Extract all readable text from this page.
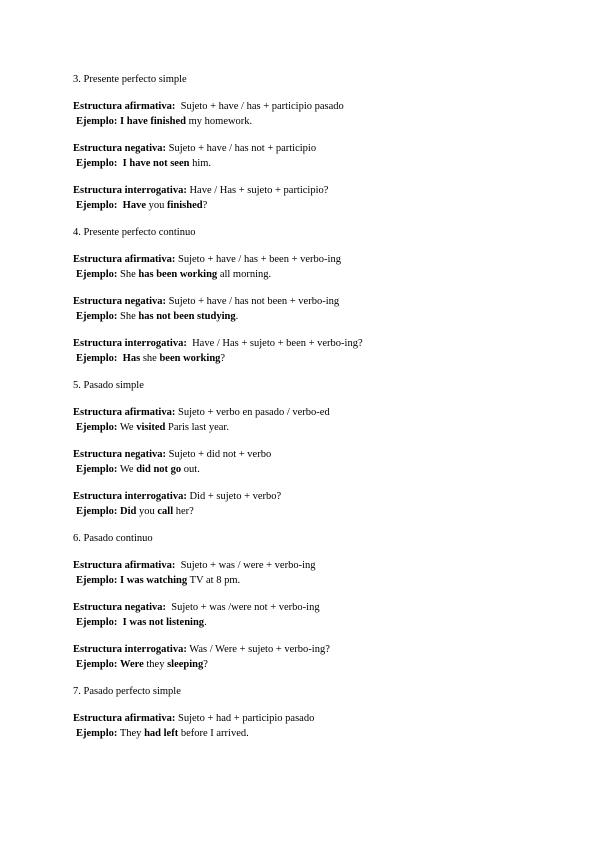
3. Presente perfecto simple
Estructura afirmativa:  Sujeto + have / has + participio pasado
Ejemplo: I have finished my homework.
Estructura negativa: Sujeto + have / has not + participio
Ejemplo: I have not seen him.
Estructura interrogativa: Have / Has + sujeto + participio?
Ejemplo: Have you finished?
4. Presente perfecto continuo
Estructura afirmativa: Sujeto + have / has + been + verbo-ing
Ejemplo: She has been working all morning.
Estructura negativa: Sujeto + have / has not been + verbo-ing
Ejemplo: She has not been studying.
Estructura interrogativa:  Have / Has + sujeto + been + verbo-ing?
Ejemplo: Has she been working?
5. Pasado simple
Estructura afirmativa: Sujeto + verbo en pasado / verbo-ed
Ejemplo: We visited Paris last year.
Estructura negativa: Sujeto + did not + verbo
Ejemplo: We did not go out.
Estructura interrogativa: Did + sujeto + verbo?
Ejemplo: Did you call her?
6. Pasado continuo
Estructura afirmativa:  Sujeto + was / were + verbo-ing
Ejemplo: I was watching TV at 8 pm.
Estructura negativa:  Sujeto + was /were not + verbo-ing
Ejemplo: I was not listening.
Estructura interrogativa: Was / Were + sujeto + verbo-ing?
Ejemplo: Were they sleeping?
7. Pasado perfecto simple
Estructura afirmativa: Sujeto + had + participio pasado
Ejemplo: They had left before I arrived.
